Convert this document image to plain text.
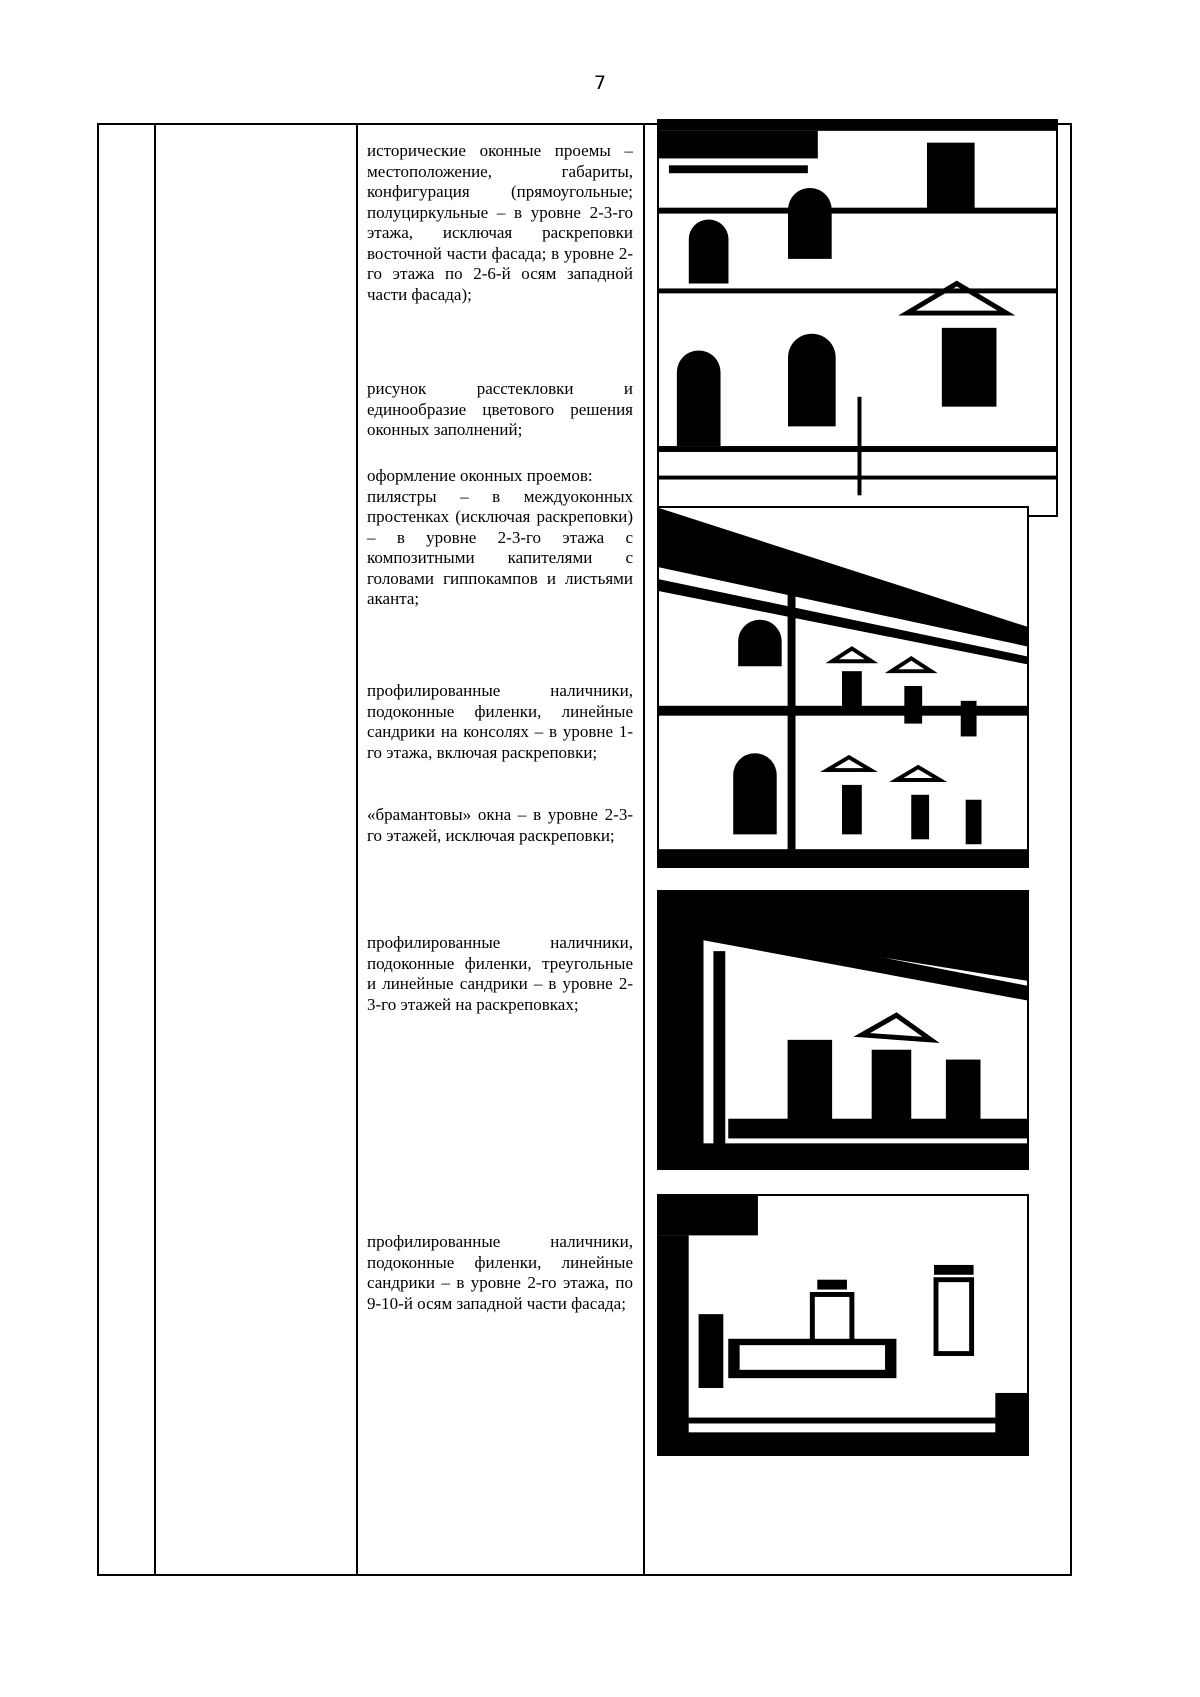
7
исторические оконные проемы – местоположение, габариты, конфигурация (прямоугольные; полуциркульные – в уровне 2-3-го этажа, исключая раскреповки восточной части фасада; в уровне 2-го этажа по 2-6-й осям западной части фасада);
рисунок расстекловки и единообразие цветового решения оконных заполнений;
оформление оконных проемов:
пилястры – в междуоконных простенках (исключая раскреповки) – в уровне 2-3-го этажа с композитными капителями с головами гиппокампов и листьями аканта;
профилированные наличники, подоконные филенки, линейные сандрики на консолях – в уровне 1-го этажа, включая раскреповки;
«брамантовы» окна – в уровне 2-3-го этажей, исключая раскреповки;
профилированные наличники, подоконные филенки, треугольные и линейные сандрики – в уровне 2-3-го этажей на раскреповках;
профилированные наличники, подоконные филенки, линейные сандрики – в уровне 2-го этажа, по 9-10-й осям западной части фасада;
